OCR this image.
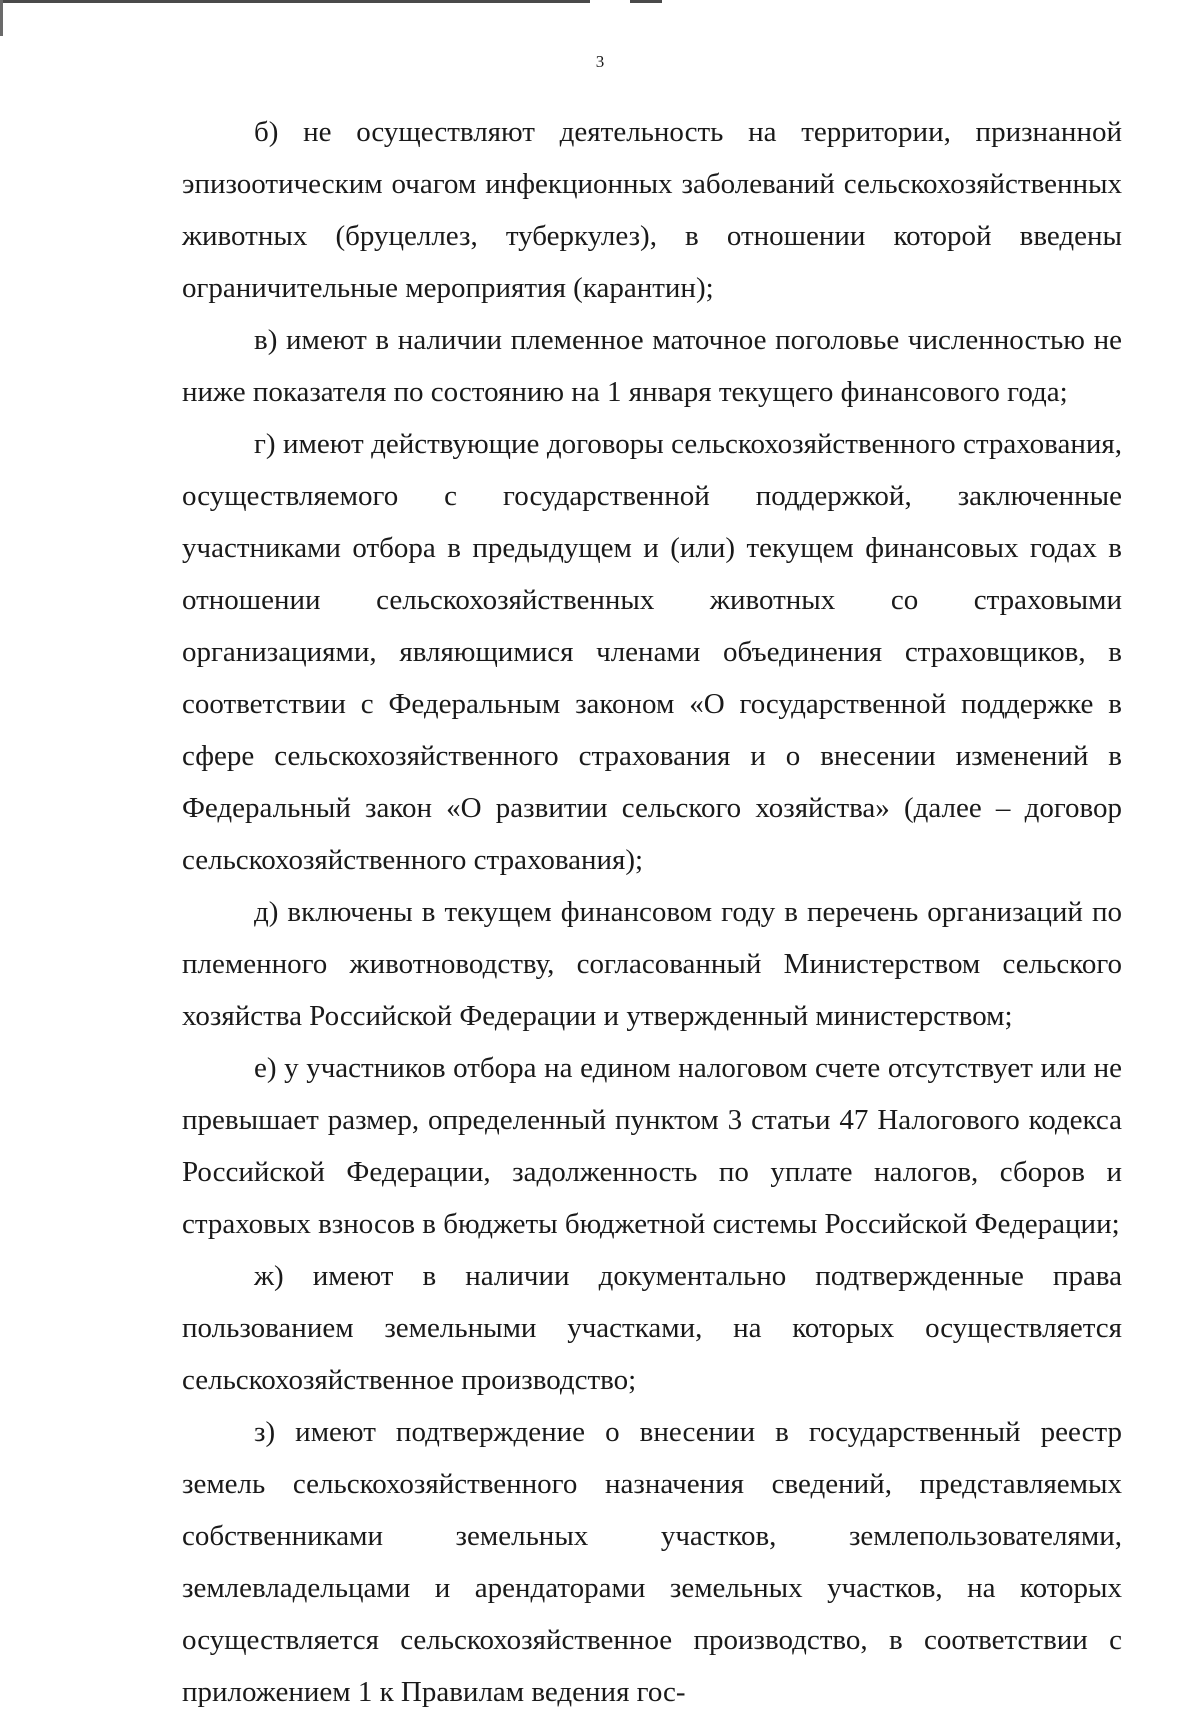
3

б) не осуществляют деятельность на территории, признанной эпизоотическим очагом инфекционных заболеваний сельскохозяйственных животных (бруцеллез, туберкулез), в отношении которой введены ограничительные мероприятия (карантин);

в) имеют в наличии племенное маточное поголовье численностью не ниже показателя по состоянию на 1 января текущего финансового года;

г) имеют действующие договоры сельскохозяйственного страхования, осуществляемого с государственной поддержкой, заключенные участниками отбора в предыдущем и (или) текущем финансовых годах в отношении сельскохозяйственных животных со страховыми организациями, являющимися членами объединения страховщиков, в соответствии с Федеральным законом «О государственной поддержке в сфере сельскохозяйственного страхования и о внесении изменений в Федеральный закон «О развитии сельского хозяйства» (далее – договор сельскохозяйственного страхования);

д) включены в текущем финансовом году в перечень организаций по племенного животноводству, согласованный Министерством сельского хозяйства Российской Федерации и утвержденный министерством;

е) у участников отбора на едином налоговом счете отсутствует или не превышает размер, определенный пунктом 3 статьи 47 Налогового кодекса Российской Федерации, задолженность по уплате налогов, сборов и страховых взносов в бюджеты бюджетной системы Российской Федерации;

ж) имеют в наличии документально подтвержденные права пользованием земельными участками, на которых осуществляется сельскохозяйственное производство;

з) имеют подтверждение о внесении в государственный реестр земель сельскохозяйственного назначения сведений, представляемых собственниками земельных участков, землепользователями, землевладельцами и арендаторами земельных участков, на которых осуществляется сельскохозяйственное производство, в соответствии с приложением 1 к Правилам ведения гос-
